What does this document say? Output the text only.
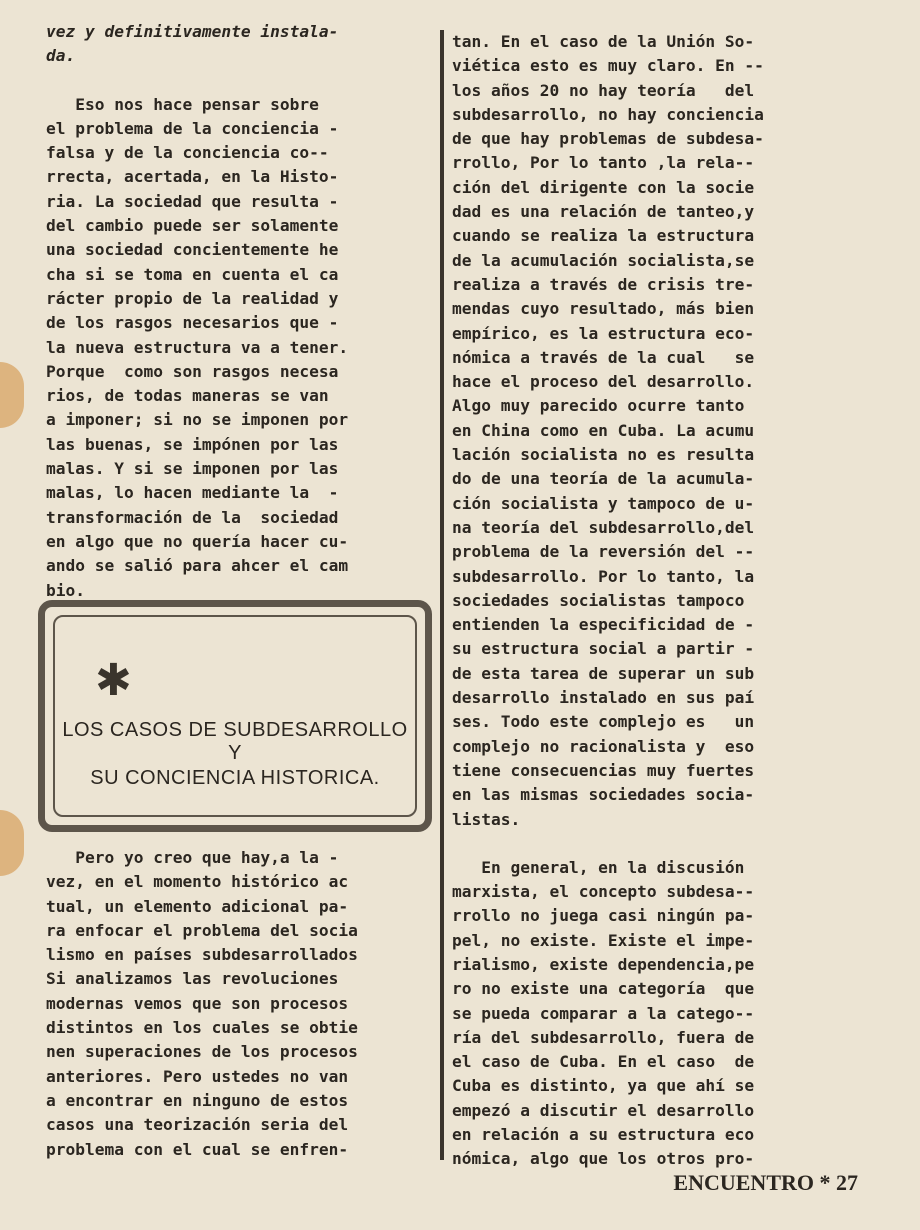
vez y definitivamente instala-
da.
Eso nos hace pensar sobre
el problema de la conciencia -
falsa y de la conciencia co--
rrecta, acertada, en la Histo-
ria. La sociedad que resulta -
del cambio puede ser solamente
una sociedad concientemente he
cha si se toma en cuenta el ca
rácter propio de la realidad y
de los rasgos necesarios que -
la nueva estructura va a tener.
Porque  como son rasgos necesa
rios, de todas maneras se van
a imponer; si no se imponen por
las buenas, se impónen por las
malas. Y si se imponen por las
malas, lo hacen mediante la  -
transformación de la  sociedad
en algo que no quería hacer cu-
ando se salió para ahcer el cam
bio.
✱
LOS CASOS DE SUBDESARROLLO Y
SU CONCIENCIA HISTORICA.
Pero yo creo que hay,a la -
vez, en el momento histórico ac
tual, un elemento adicional pa-
ra enfocar el problema del socia
lismo en países subdesarrollados
Si analizamos las revoluciones
modernas vemos que son procesos
distintos en los cuales se obtie
nen superaciones de los procesos
anteriores. Pero ustedes no van
a encontrar en ninguno de estos
casos una teorización seria del
problema con el cual se enfren-
tan. En el caso de la Unión So-
viética esto es muy claro. En --
los años 20 no hay teoría   del
subdesarrollo, no hay conciencia
de que hay problemas de subdesa-
rrollo, Por lo tanto ,la rela--
ción del dirigente con la socie
dad es una relación de tanteo,y
cuando se realiza la estructura
de la acumulación socialista,se
realiza a través de crisis tre-
mendas cuyo resultado, más bien
empírico, es la estructura eco-
nómica a través de la cual   se
hace el proceso del desarrollo.
Algo muy parecido ocurre tanto
en China como en Cuba. La acumu
lación socialista no es resulta
do de una teoría de la acumula-
ción socialista y tampoco de u-
na teoría del subdesarrollo,del
problema de la reversión del --
subdesarrollo. Por lo tanto, la
sociedades socialistas tampoco
entienden la especificidad de -
su estructura social a partir -
de esta tarea de superar un sub
desarrollo instalado en sus paí
ses. Todo este complejo es   un
complejo no racionalista y  eso
tiene consecuencias muy fuertes
en las mismas sociedades socia-
listas.
En general, en la discusión
marxista, el concepto subdesa--
rrollo no juega casi ningún pa-
pel, no existe. Existe el impe-
rialismo, existe dependencia,pe
ro no existe una categoría  que
se pueda comparar a la catego--
ría del subdesarrollo, fuera de
el caso de Cuba. En el caso  de
Cuba es distinto, ya que ahí se
empezó a discutir el desarrollo
en relación a su estructura eco
nómica, algo que los otros pro-
ENCUENTRO * 27
